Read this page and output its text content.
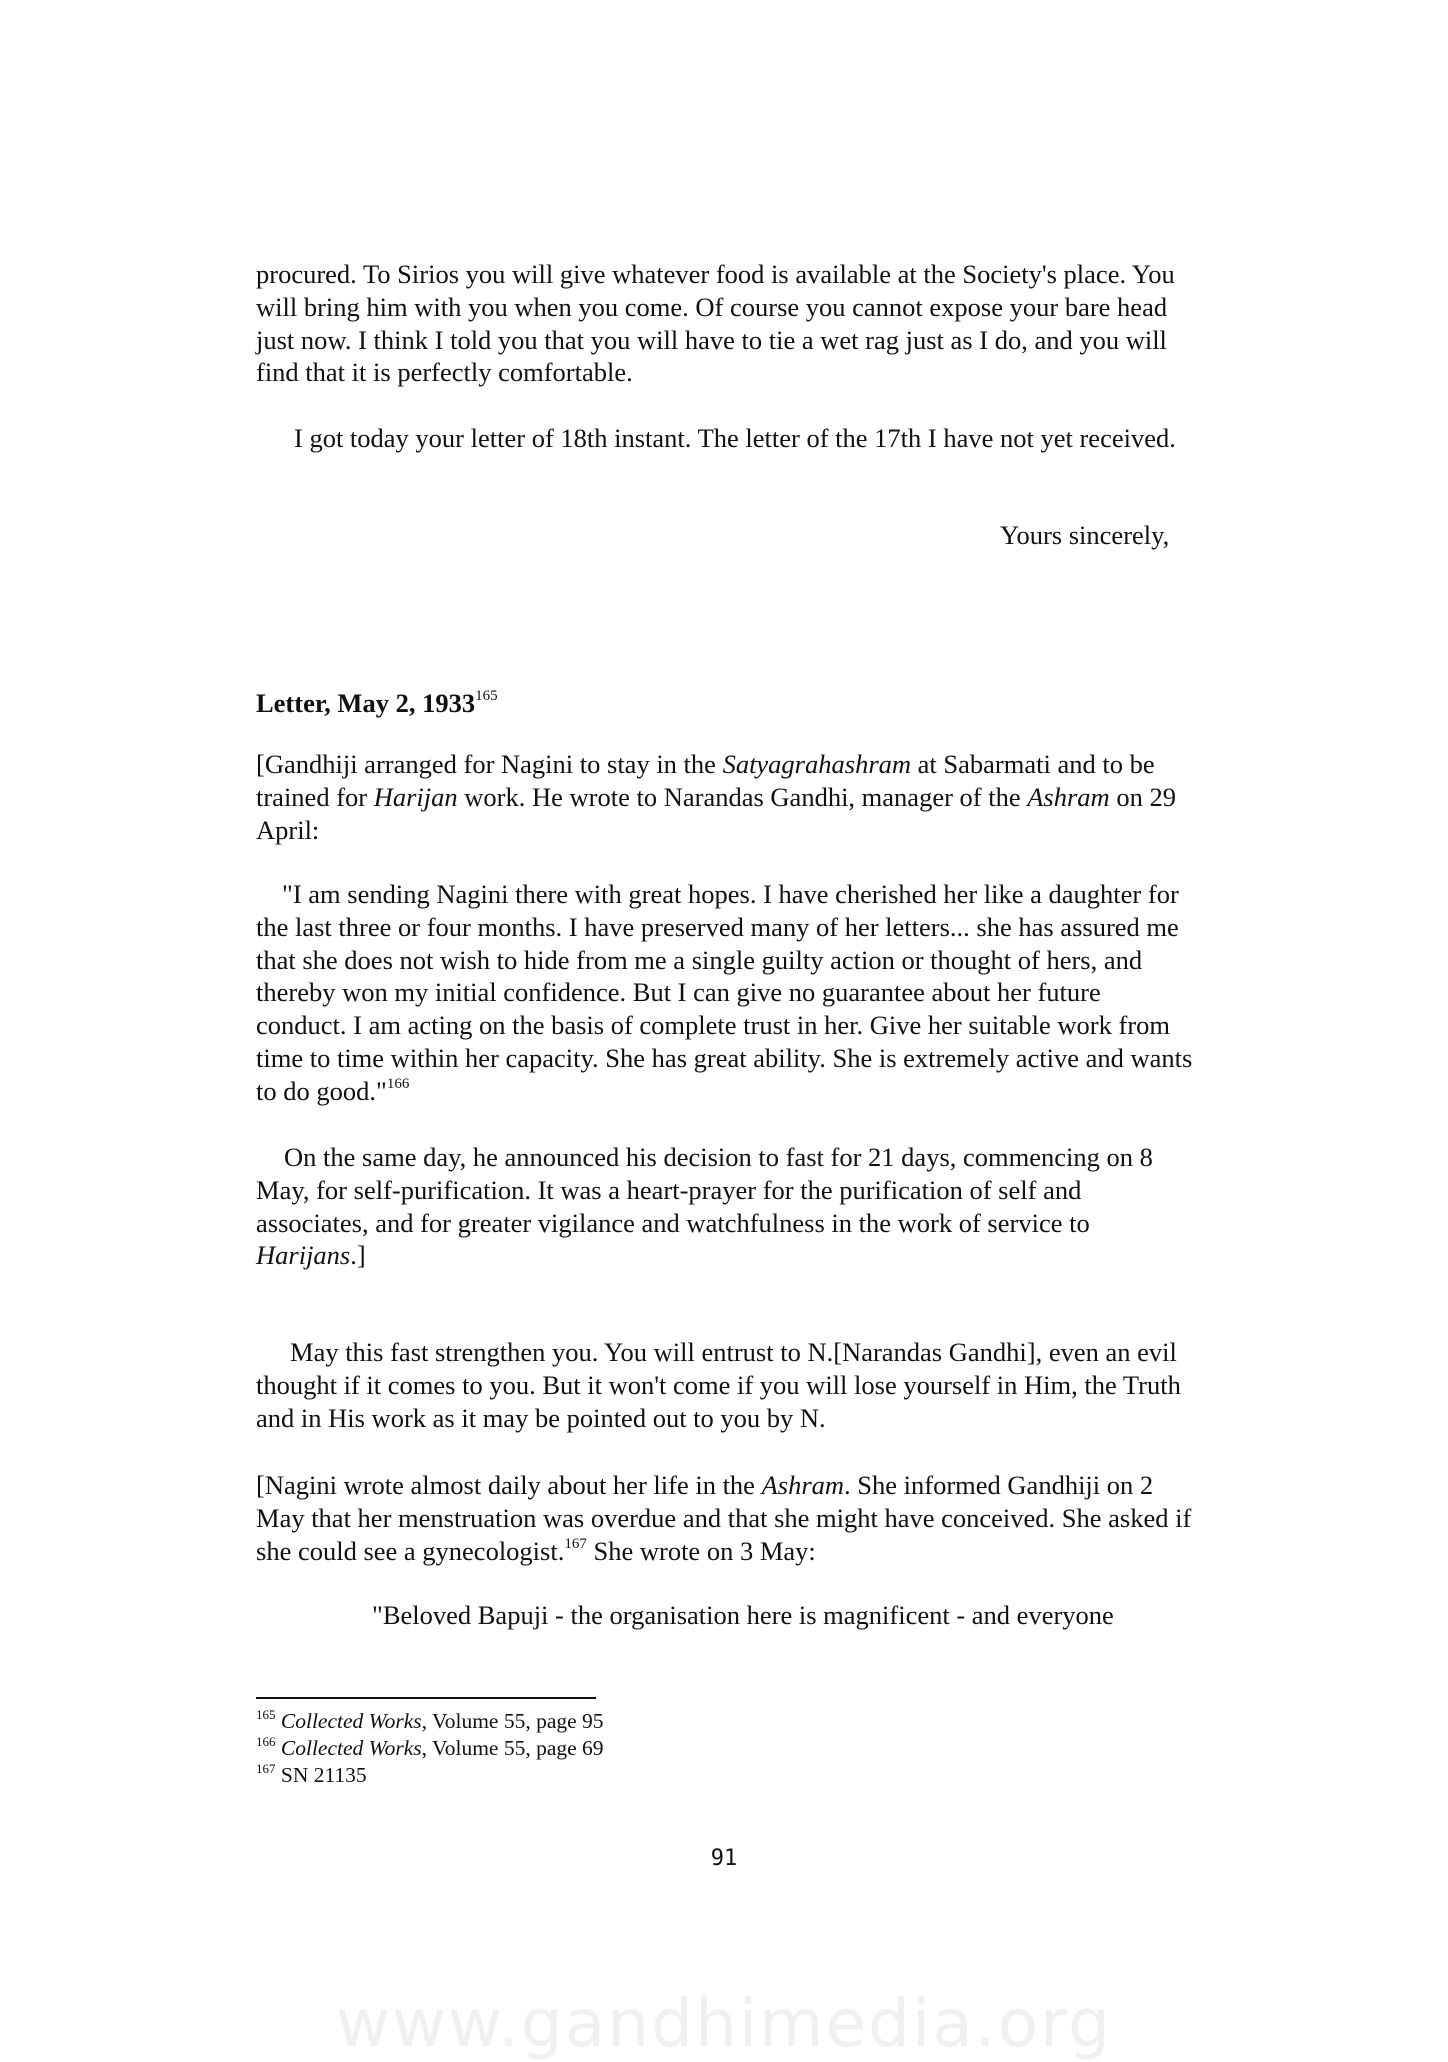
procured. To Sirios you will give whatever food is available at the Society's place. You will bring him with you when you come. Of course you cannot expose your bare head just now. I think I told you that you will have to tie a wet rag just as I do, and you will find that it is perfectly comfortable.

I got today your letter of 18th instant. The letter of the 17th I have not yet received.

Yours sincerely,

Letter, May 2, 1933$^{165}$

[Gandhiji arranged for Nagini to stay in the Satyagrahashram at Sabarmati and to be trained for Harijan work. He wrote to Narandas Gandhi, manager of the Ashram on 29 April:

"I am sending Nagini there with great hopes. I have cherished her like a daughter for the last three or four months. I have preserved many of her letters... she has assured me that she does not wish to hide from me a single guilty action or thought of hers, and thereby won my initial confidence. But I can give no guarantee about her future conduct. I am acting on the basis of complete trust in her. Give her suitable work from time to time within her capacity. She has great ability. She is extremely active and wants to do good."$^{166}$

On the same day, he announced his decision to fast for 21 days, commencing on 8 May, for self-purification. It was a heart-prayer for the purification of self and associates, and for greater vigilance and watchfulness in the work of service to Harijans.]

May this fast strengthen you. You will entrust to N.[Narandas Gandhi], even an evil thought if it comes to you. But it won't come if you will lose yourself in Him, the Truth and in His work as it may be pointed out to you by N.

[Nagini wrote almost daily about her life in the Ashram. She informed Gandhiji on 2 May that her menstruation was overdue and that she might have conceived. She asked if she could see a gynecologist.$^{167}$ She wrote on 3 May:

"Beloved Bapuji - the organisation here is magnificent - and everyone

$^{165}$ Collected Works, Volume 55, page 95

$^{166}$ Collected Works, Volume 55, page 69

$^{167}$ SN 21135

91
www.gandhimedia.org
